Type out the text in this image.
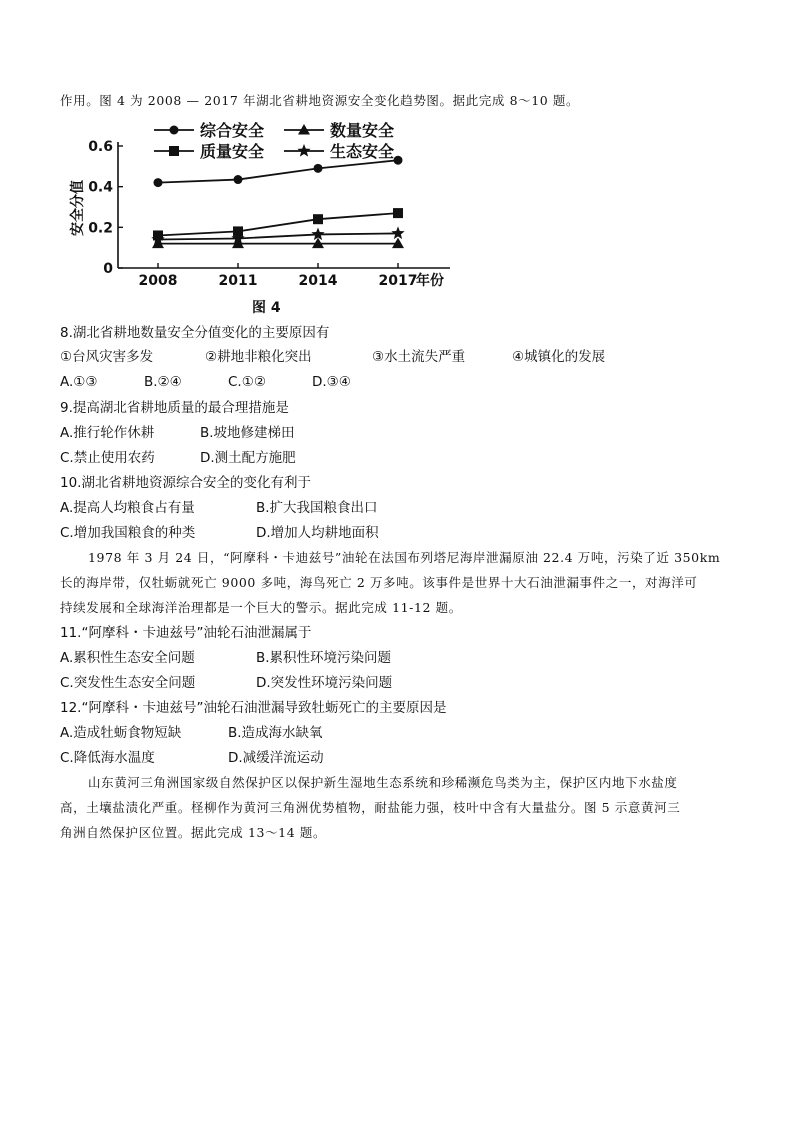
作用。图 4 为 2008 — 2017 年湖北省耕地资源安全变化趋势图。据此完成 8～10 题。
0
0.2
0.4
0.6
2008	2011	2014	2017
年份
安全分值
综合安全	数量安全
质量安全	生态安全
图 4
8.湖北省耕地数量安全分值变化的主要原因有
①台风灾害多发	②耕地非粮化突出	③水土流失严重	④城镇化的发展
A.①③	B.②④	C.①②	D.③④
9.提高湖北省耕地质量的最合理措施是
A.推行轮作休耕	B.坡地修建梯田
C.禁止使用农药	D.测土配方施肥
10.湖北省耕地资源综合安全的变化有利于
A.提高人均粮食占有量	B.扩大我国粮食出口
C.增加我国粮食的种类	D.增加人均耕地面积
1978 年 3 月 24 日，“阿摩科・卡迪兹号”油轮在法国布列塔尼海岸泄漏原油 22.4 万吨，污染了近 350km
长的海岸带，仅牡蛎就死亡 9000 多吨，海鸟死亡 2 万多吨。该事件是世界十大石油泄漏事件之一，对海洋可
持续发展和全球海洋治理都是一个巨大的警示。据此完成 11-12 题。
11.“阿摩科・卡迪兹号”油轮石油泄漏属于
A.累积性生态安全问题	B.累积性环境污染问题
C.突发性生态安全问题	D.突发性环境污染问题
12.“阿摩科・卡迪兹号”油轮石油泄漏导致牡蛎死亡的主要原因是
A.造成牡蛎食物短缺	B.造成海水缺氧
C.降低海水温度	D.减缓洋流运动
山东黄河三角洲国家级自然保护区以保护新生湿地生态系统和珍稀濒危鸟类为主，保护区内地下水盐度
高，土壤盐渍化严重。柽柳作为黄河三角洲优势植物，耐盐能力强，枝叶中含有大量盐分。图 5 示意黄河三
角洲自然保护区位置。据此完成 13～14 题。
